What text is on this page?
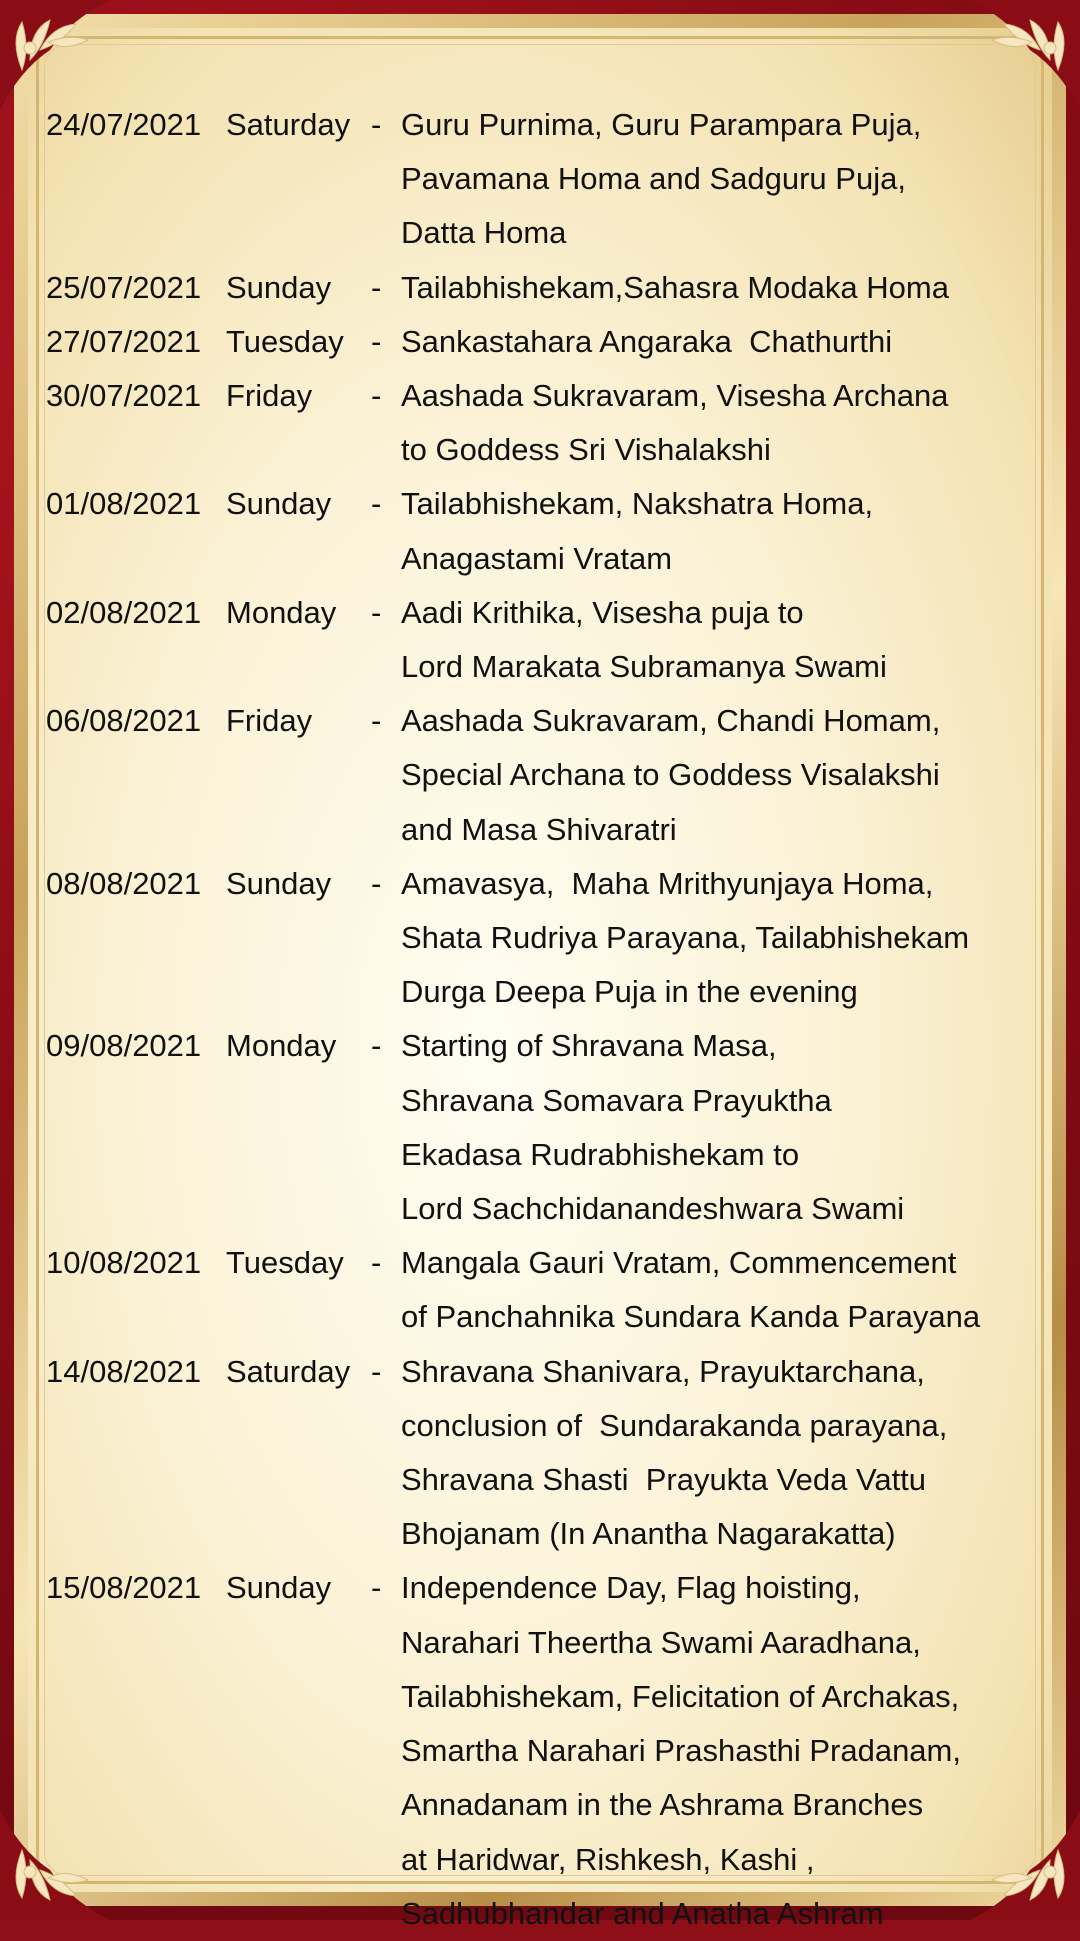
24/07/2021 Saturday - Guru Purnima, Guru Parampara Puja,
Pavamana Homa and Sadguru Puja,
Datta Homa
25/07/2021 Sunday	- Tailabhishekam,Sahasra Modaka Homa
27/07/2021 Tuesday - Sankastahara Angaraka  Chathurthi
30/07/2021 Friday	- Aashada Sukravaram, Visesha Archana
to Goddess Sri Vishalakshi
01/08/2021 Sunday	- Tailabhishekam, Nakshatra Homa,
Anagastami Vratam
02/08/2021 Monday	- Aadi Krithika, Visesha puja to
Lord Marakata Subramanya Swami
06/08/2021 Friday	- Aashada Sukravaram, Chandi Homam,
Special Archana to Goddess Visalakshi
and Masa Shivaratri
08/08/2021 Sunday	- Amavasya,  Maha Mrithyunjaya Homa,
Shata Rudriya Parayana, Tailabhishekam
Durga Deepa Puja in the evening
09/08/2021 Monday	- Starting of Shravana Masa,
Shravana Somavara Prayuktha
Ekadasa Rudrabhishekam to
Lord Sachchidanandeshwara Swami
10/08/2021 Tuesday - Mangala Gauri Vratam, Commencement
of Panchahnika Sundara Kanda Parayana
14/08/2021 Saturday - Shravana Shanivara, Prayuktarchana,
conclusion of  Sundarakanda parayana,
Shravana Shasti  Prayukta Veda Vattu
Bhojanam (In Anantha Nagarakatta)
15/08/2021 Sunday	- Independence Day, Flag hoisting,
Narahari Theertha Swami Aaradhana,
Tailabhishekam, Felicitation of Archakas,
Smartha Narahari Prashasthi Pradanam,
Annadanam in the Ashrama Branches
at Haridwar, Rishkesh, Kashi ,
Sadhubhandar and Anatha Ashram
